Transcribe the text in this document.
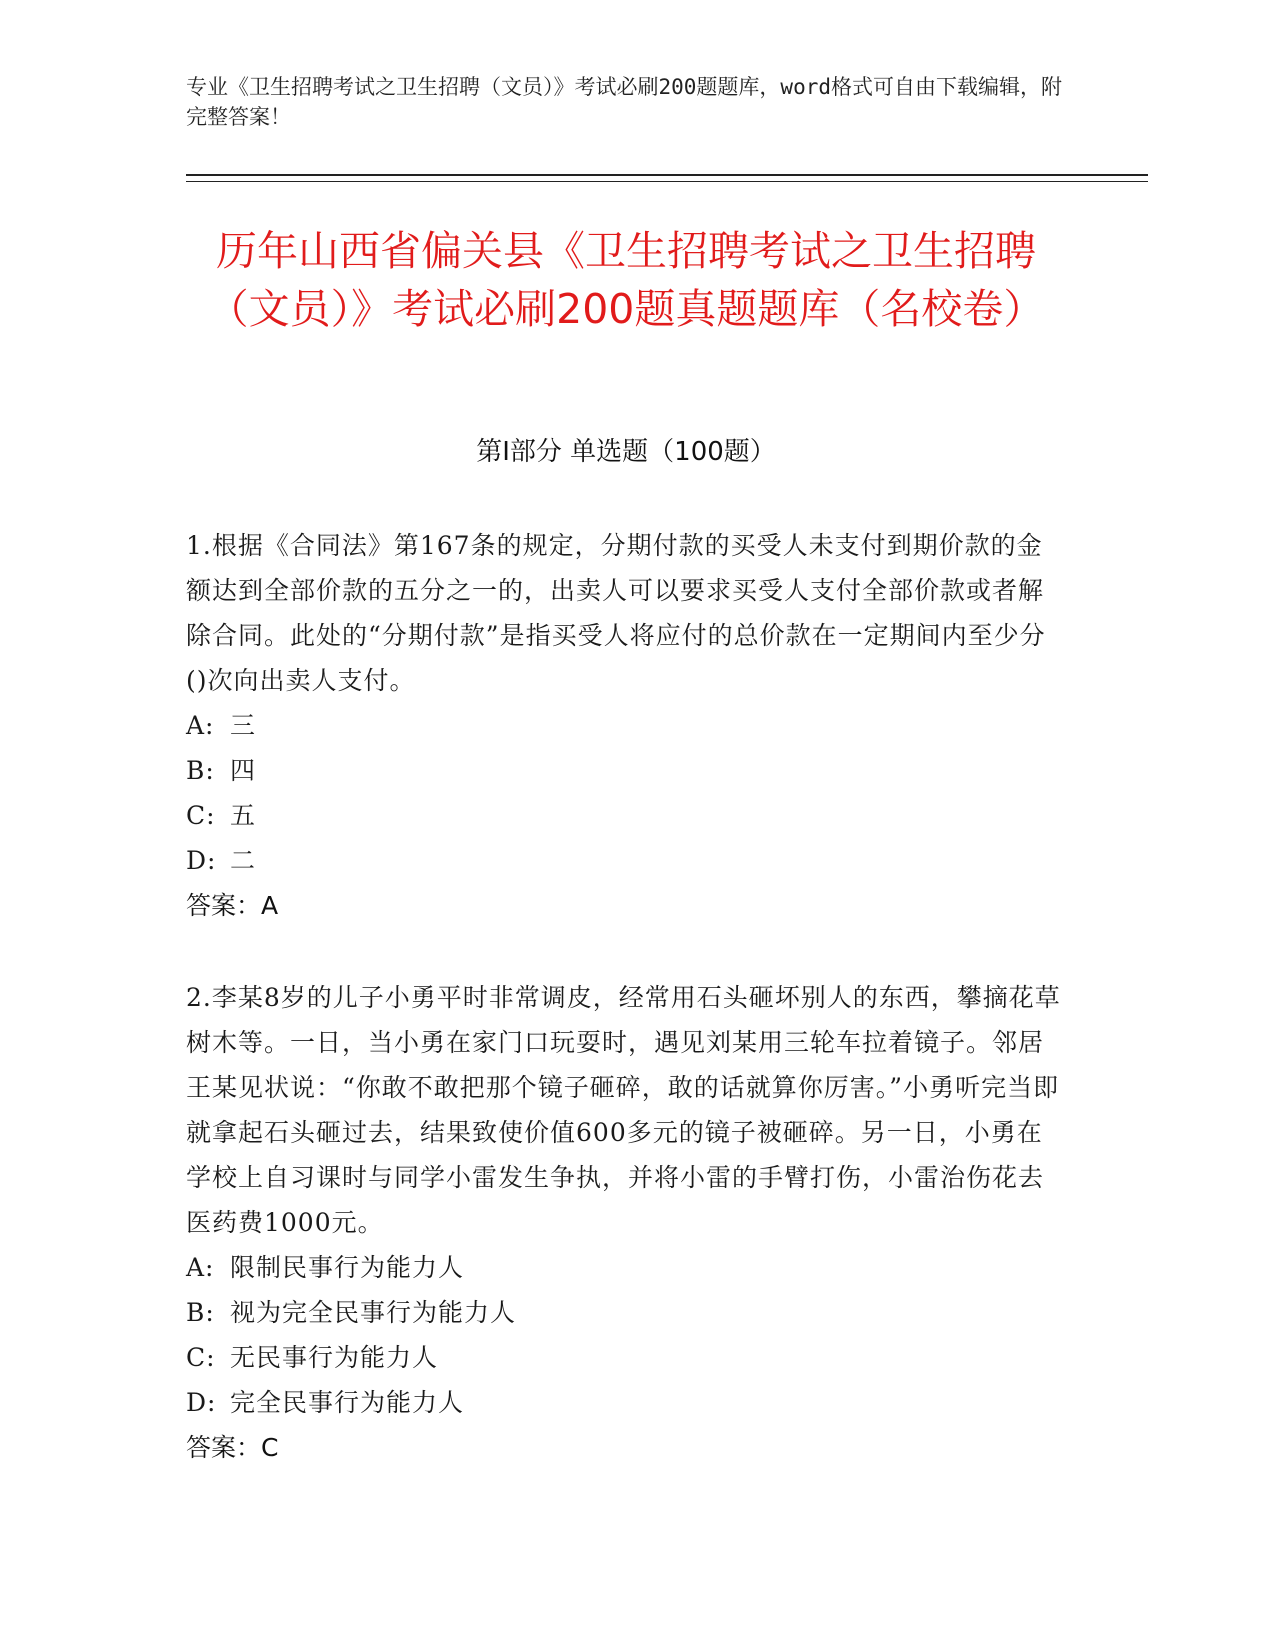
专业《卫生招聘考试之卫生招聘（文员）》考试必刷200题题库，word格式可自由下载编辑，附完整答案！
历年山西省偏关县《卫生招聘考试之卫生招聘（文员）》考试必刷200题真题题库（名校卷）
第I部分 单选题（100题）
1.根据《合同法》第167条的规定，分期付款的买受人未支付到期价款的金额达到全部价款的五分之一的，出卖人可以要求买受人支付全部价款或者解除合同。此处的“分期付款”是指买受人将应付的总价款在一定期间内至少分()次向出卖人支付。
A: 三
B: 四
C: 五
D: 二
答案：A
2.李某8岁的儿子小勇平时非常调皮，经常用石头砸坏别人的东西，攀摘花草树木等。一日，当小勇在家门口玩耍时，遇见刘某用三轮车拉着镜子。邻居王某见状说：“你敢不敢把那个镜子砸碎，敢的话就算你厉害。”小勇听完当即就拿起石头砸过去，结果致使价值600多元的镜子被砸碎。另一日，小勇在学校上自习课时与同学小雷发生争执，并将小雷的手臂打伤，小雷治伤花去医药费1000元。
A: 限制民事行为能力人
B: 视为完全民事行为能力人
C: 无民事行为能力人
D: 完全民事行为能力人
答案：C
